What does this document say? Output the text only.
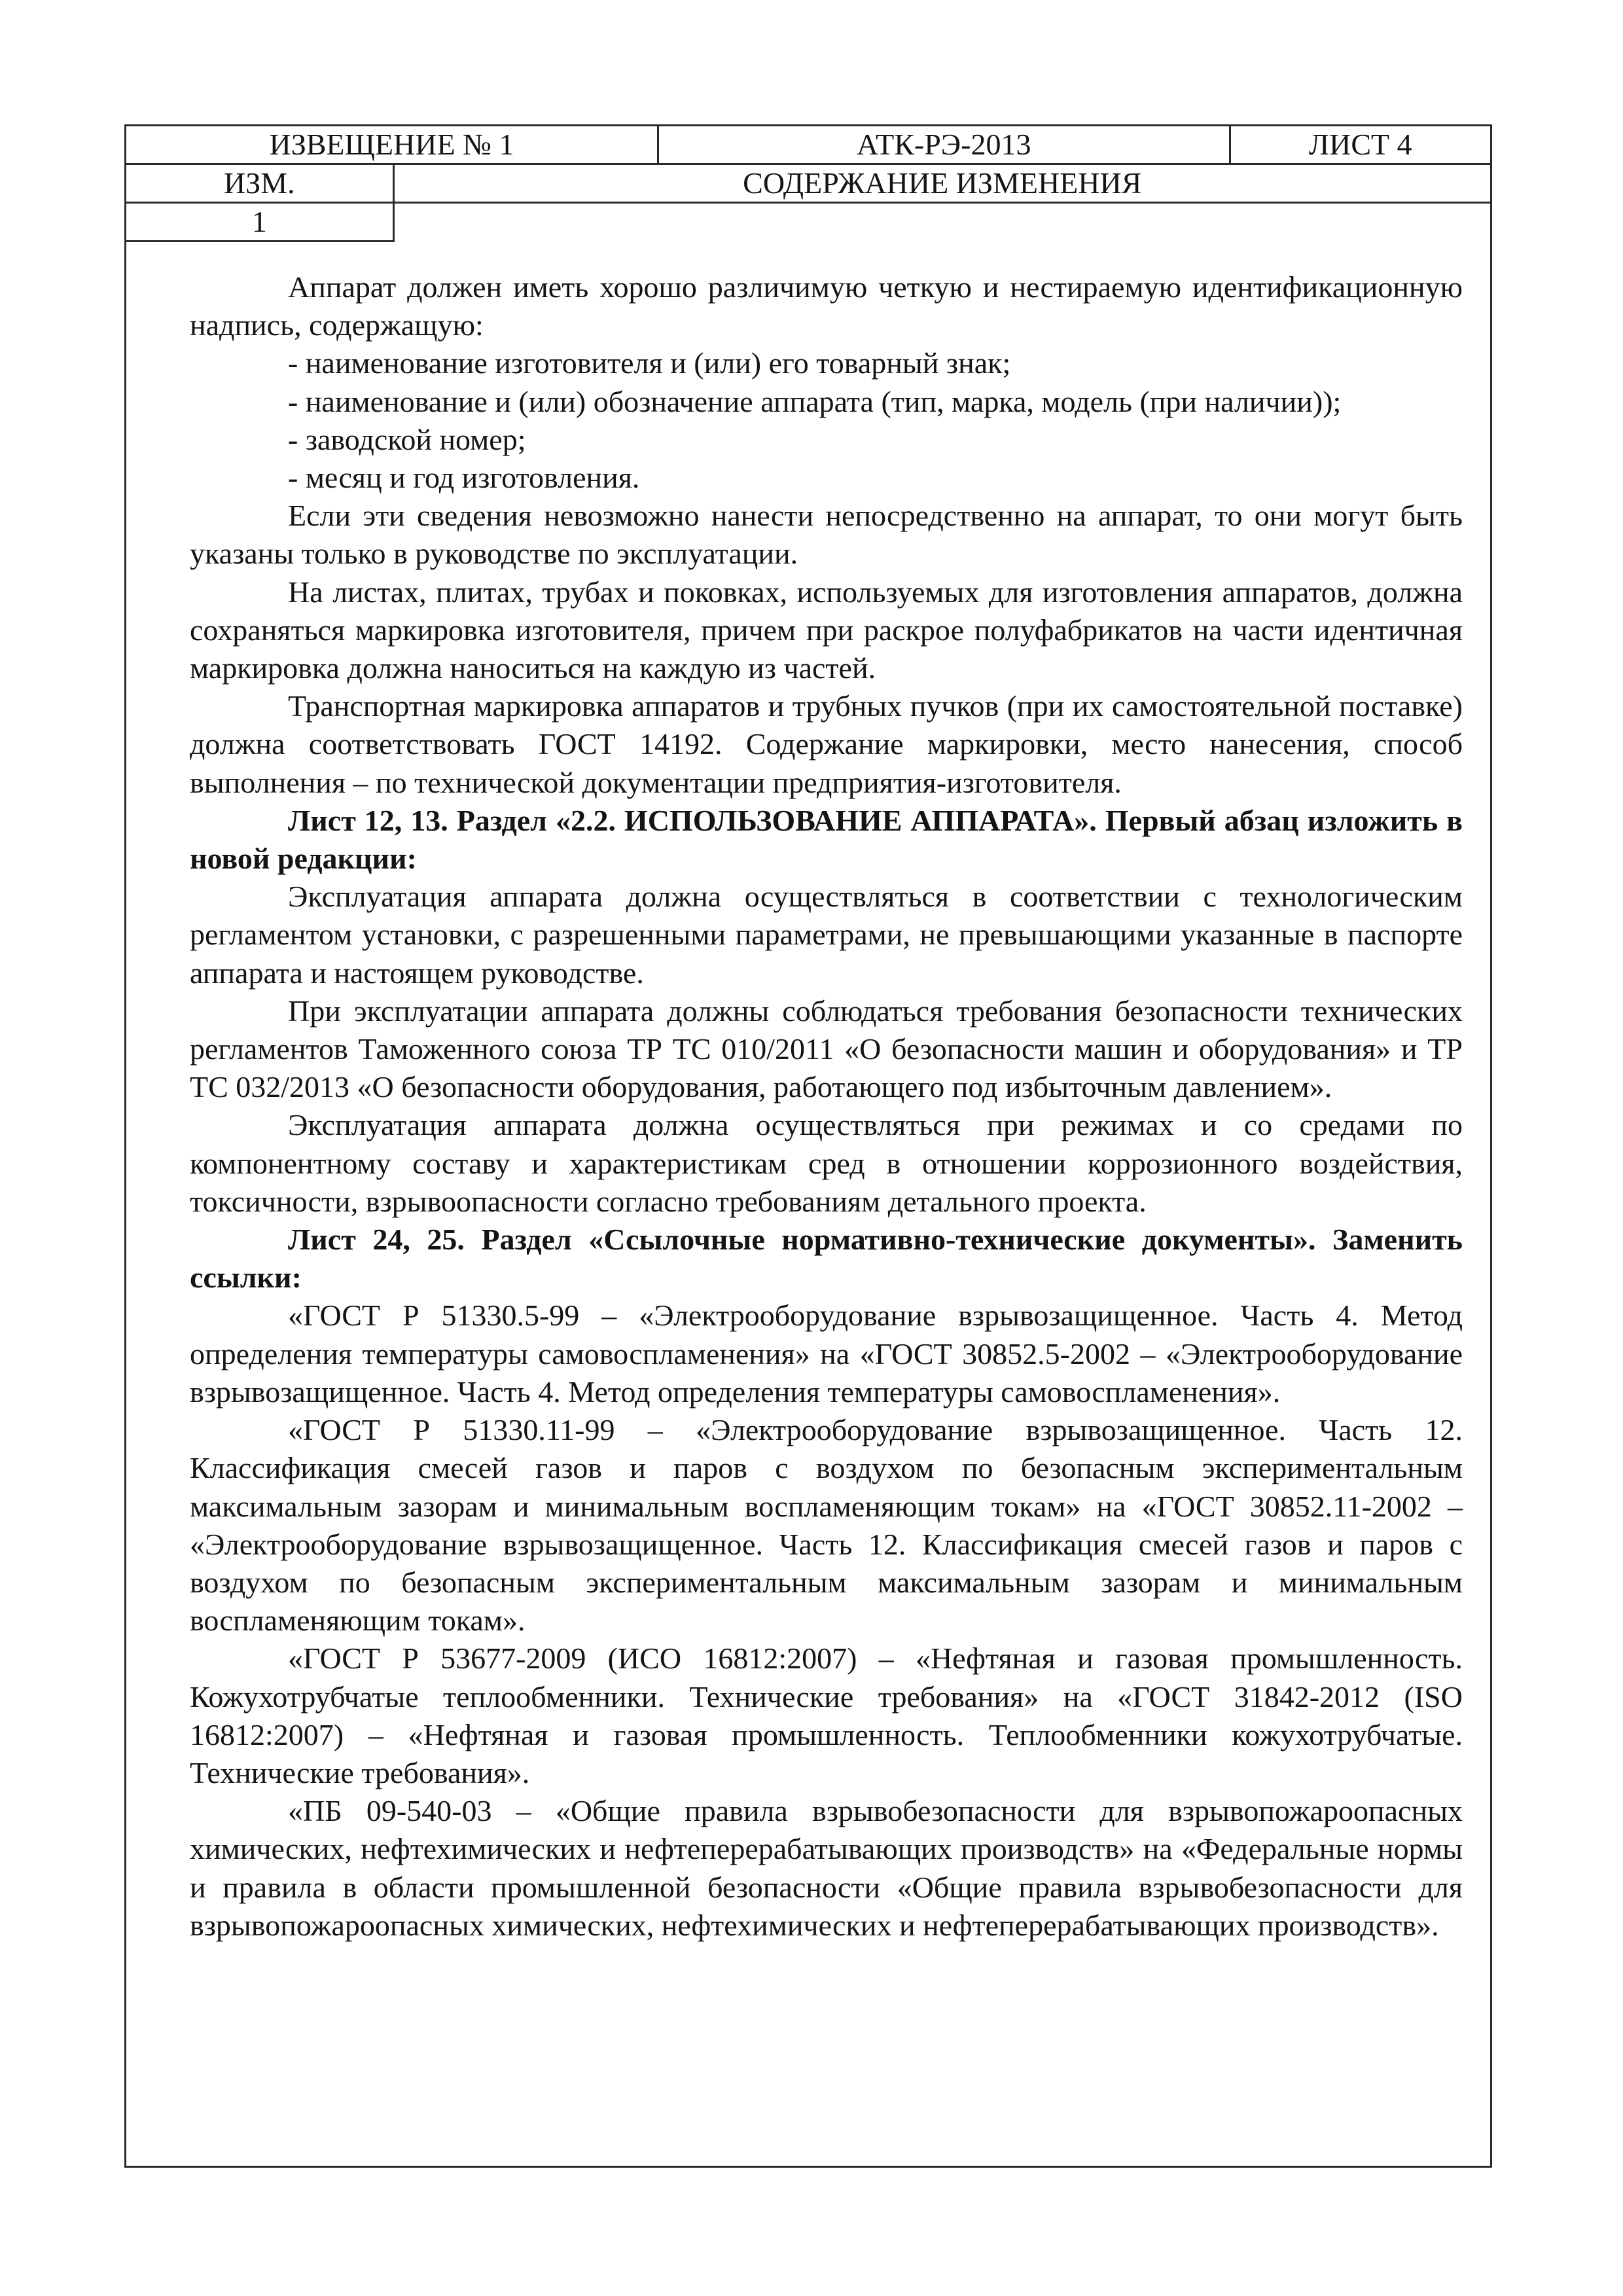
ИЗВЕЩЕНИЕ № 1		АТК-РЭ-2013	ЛИСТ 4
ИЗМ.	СОДЕРЖАНИЕ ИЗМЕНЕНИЯ		
1			

Аппарат должен иметь хорошо различимую четкую и нестираемую идентификационную надпись, содержащую:

- наименование изготовителя и (или) его товарный знак;
- наименование и (или) обозначение аппарата (тип, марка, модель (при наличии));
- заводской номер;
- месяц и год изготовления.

Если эти сведения невозможно нанести непосредственно на аппарат, то они могут быть указаны только в руководстве по эксплуатации.

На листах, плитах, трубах и поковках, используемых для изготовления аппаратов, должна сохраняться маркировка изготовителя, причем при раскрое полуфабрикатов на части идентичная маркировка должна наноситься на каждую из частей.

Транспортная маркировка аппаратов и трубных пучков (при их самостоятельной поставке) должна соответствовать ГОСТ 14192. Содержание маркировки, место нанесения, способ выполнения – по технической документации предприятия-изготовителя.

Лист 12, 13. Раздел «2.2. ИСПОЛЬЗОВАНИЕ АППАРАТА». Первый абзац изложить в новой редакции:

Эксплуатация аппарата должна осуществляться в соответствии с технологическим регламентом установки, с разрешенными параметрами, не превышающими указанные в паспорте аппарата и настоящем руководстве.

При эксплуатации аппарата должны соблюдаться требования безопасности технических регламентов Таможенного союза ТР ТС 010/2011 «О безопасности машин и оборудования» и ТР ТС 032/2013 «О безопасности оборудования, работающего под избыточным давлением».

Эксплуатация аппарата должна осуществляться при режимах и со средами по компонентному составу и характеристикам сред в отношении коррозионного воздействия, токсичности, взрывоопасности согласно требованиям детального проекта.

Лист 24, 25. Раздел «Ссылочные нормативно-технические документы». Заменить ссылки:

«ГОСТ Р 51330.5-99 – «Электрооборудование взрывозащищенное. Часть 4. Метод определения температуры самовоспламенения» на «ГОСТ 30852.5-2002 – «Электрооборудование взрывозащищенное. Часть 4. Метод определения температуры самовоспламенения».

«ГОСТ Р 51330.11-99 – «Электрооборудование взрывозащищенное. Часть 12. Классификация смесей газов и паров с воздухом по безопасным экспериментальным максимальным зазорам и минимальным воспламеняющим токам» на «ГОСТ 30852.11-2002 – «Электрооборудование взрывозащищенное. Часть 12. Классификация смесей газов и паров с воздухом по безопасным экспериментальным максимальным зазорам и минимальным воспламеняющим токам».

«ГОСТ Р 53677-2009 (ИСО 16812:2007) – «Нефтяная и газовая промышленность. Кожухотрубчатые теплообменники. Технические требования» на «ГОСТ 31842-2012 (ISO 16812:2007) – «Нефтяная и газовая промышленность. Теплообменники кожухотрубчатые. Технические требования».

«ПБ 09-540-03 – «Общие правила взрывобезопасности для взрывопожароопасных химических, нефтехимических и нефтеперерабатывающих производств» на «Федеральные нормы и правила в области промышленной безопасности «Общие правила взрывобезопасности для взрывопожароопасных химических, нефтехимических и нефтеперерабатывающих производств».
